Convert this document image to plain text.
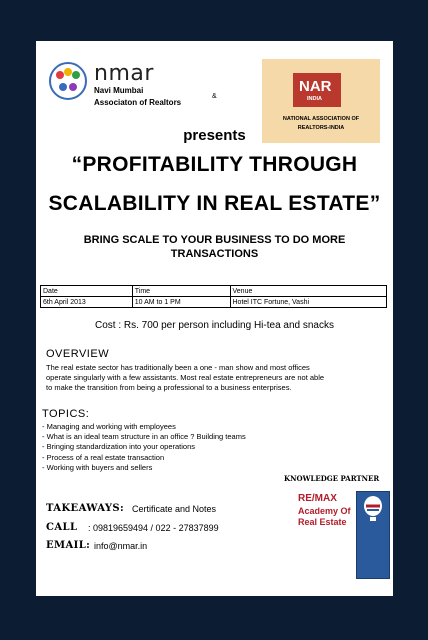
nmar
Navi Mumbai
Associaton of Realtors
&
NAR
INDIA
NATIONAL ASSOCIATION OF
REALTORS-INDIA
presents
“PROFITABILITY THROUGH
SCALABILITY IN REAL ESTATE”
BRING SCALE TO YOUR BUSINESS TO DO MORE
TRANSACTIONS
Date	Time	Venue
6th April 2013	10 AM to 1 PM	Hotel ITC Fortune, Vashi
Cost : Rs. 700 per person including Hi-tea and snacks
OVERVIEW
The real estate sector has traditionally been a one - man show and most offices
operate singularly with a few assistants. Most real estate entrepreneurs are not able
to make the transition from being a professional to a business enterprises.
TOPICS:
- Managing and working with employees
- What is an ideal team structure in an office ? Building teams
- Bringing standardization into your operations
- Process of a real estate transaction
- Working with buyers and sellers
KNOWLEDGE PARTNER
RE/MAX
Academy Of
Real Estate
TAKEAWAYS: Certificate and Notes
CALL : 09819659494 / 022 - 27837899
EMAIL: info@nmar.in
